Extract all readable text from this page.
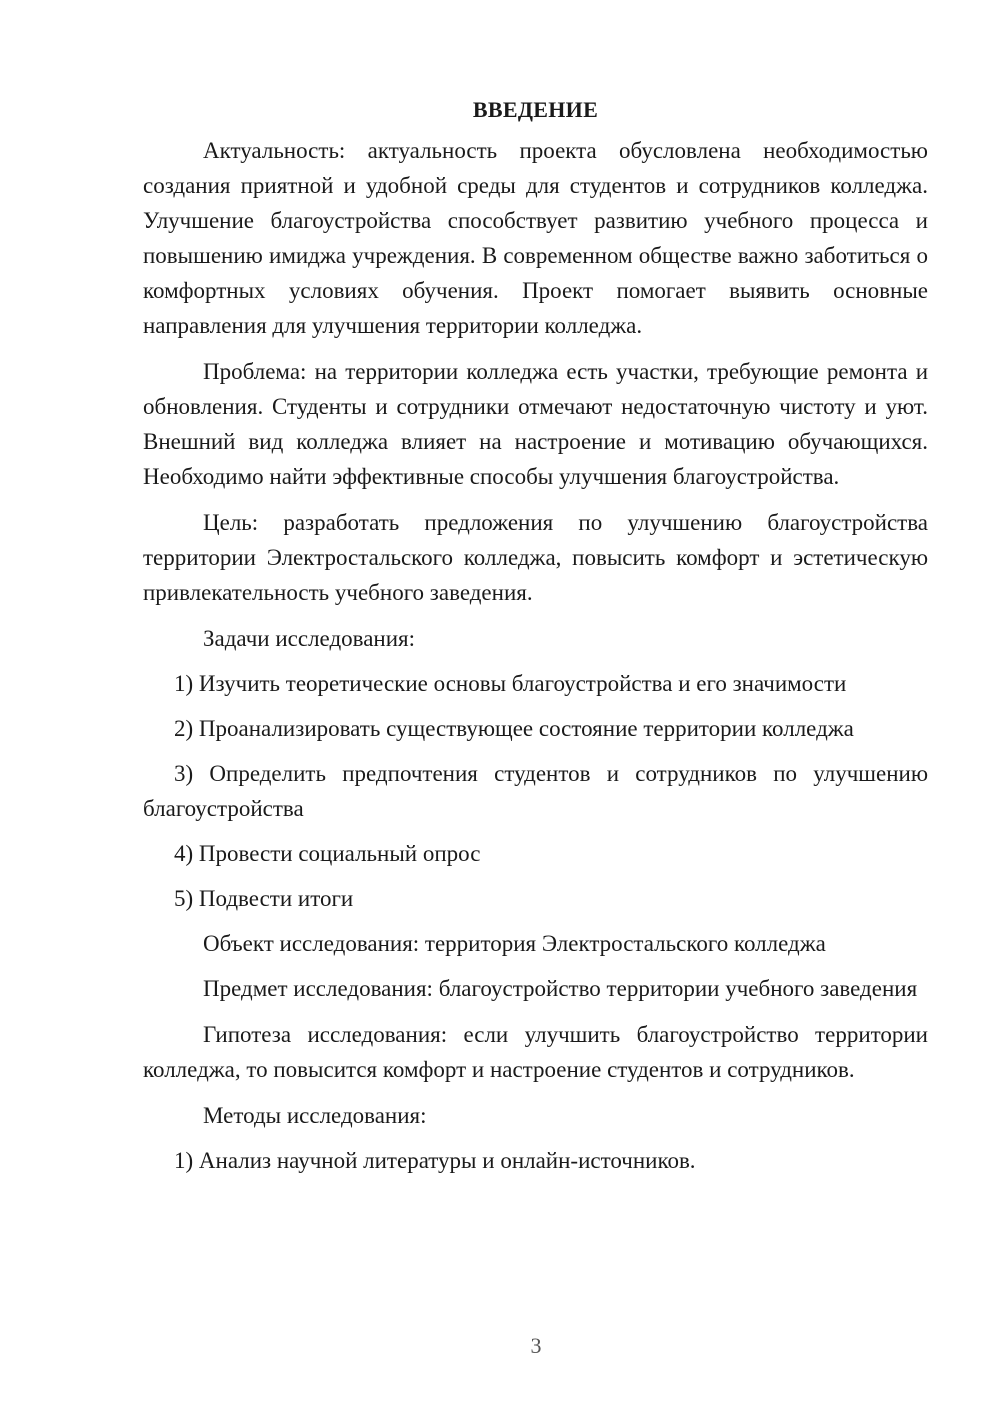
ВВЕДЕНИЕ

Актуальность: актуальность проекта обусловлена необходимостью создания приятной и удобной среды для студентов и сотрудников колледжа. Улучшение благоустройства способствует развитию учебного процесса и повышению имиджа учреждения. В современном обществе важно заботиться о комфортных условиях обучения. Проект помогает выявить основные направления для улучшения территории колледжа.

Проблема: на территории колледжа есть участки, требующие ремонта и обновления. Студенты и сотрудники отмечают недостаточную чистоту и уют. Внешний вид колледжа влияет на настроение и мотивацию обучающихся. Необходимо найти эффективные способы улучшения благоустройства.

Цель: разработать предложения по улучшению благоустройства территории Электростальского колледжа, повысить комфорт и эстетическую привлекательность учебного заведения.

Задачи исследования:
1) Изучить теоретические основы благоустройства и его значимости
2) Проанализировать существующее состояние территории колледжа
3) Определить предпочтения студентов и сотрудников по улучшению благоустройства
4) Провести социальный опрос
5) Подвести итоги
Объект исследования: территория Электростальского колледжа

Предмет исследования: благоустройство территории учебного заведения

Гипотеза исследования: если улучшить благоустройство территории колледжа, то повысится комфорт и настроение студентов и сотрудников.

Методы исследования:
1) Анализ научной литературы и онлайн-источников.
3
